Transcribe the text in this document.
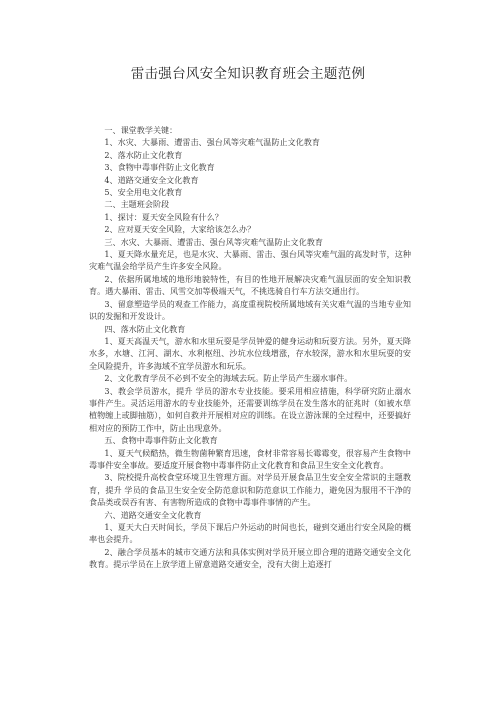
雷击强台风安全知识教育班会主题范例

一、课堂教学关键：

1、水灾、大暴雨、遭雷击、强台风等灾难气温防止文化教育

2、落水防止文化教育

3、食物中毒事件防止文化教育

4、道路交通安全文化教育

5、安全用电文化教育

二、主题班会阶段

1、探讨：夏天安全风险有什么？

2、应对夏天安全风险，大家给该怎么办？

三、水灾、大暴雨、遭雷击、强台风等灾难气温防止文化教育

1、夏天降水量充足，也是水灾、大暴雨、雷击、强台风等灾难气温的高发时节，这种灾难气温会给学员产生许多安全风险。

2、依据所属地域的地形地貌特性，有目的性地开展解决灾难气温层面的安全知识教育。遇大暴雨、雷击、风雪交加等极端天气，不挑选骑自行车方法交通出行。

3、留意塑造学员的观查工作能力，高度重视院校所属地域有关灾难气温的当地专业知识的发掘和开发设计。

四、落水防止文化教育

1、夏天高温天气，游水和水里玩耍是学员钟爱的健身运动和玩耍方法。另外，夏天降水多，水塘、江河、湖水、水利枢纽、沙坑水位线增涨，存水较深，游水和水里玩耍的安全风险提升，许多海域不宜学员游水和玩乐。

2、文化教育学员不必到不安全的海域去玩。防止学员产生溺水事件。

3、教会学员游水，提升 学员的游水专业技能。要采用相应措施，科学研究防止溺水事件产生。灵活运用游水的专业技能外，还需要训练学员在发生落水的征兆时（如被水草植物缠上或脚抽筋），如何自救并开展相对应的训练。在设立游泳课的全过程中，还要搞好相对应的预防工作中，防止出现意外。

五、食物中毒事件防止文化教育

1、夏天气候酷热，微生物菌种繁育迅速，食材非常容易长霉霉变，很容易产生食物中毒事件安全事故。要适度开展食物中毒事件防止文化教育和食品卫生安全文化教育。

3、院校提升高校食堂环境卫生管理方面。对学员开展食品卫生安全安全常识的主题教育，提升 学员的食品卫生安全安全防范意识和防范意识工作能力，避免因为服用不干净的食品类或误吞有害、有害物所造成的食物中毒事件事情的产生。

六、道路交通安全文化教育

1、夏天大白天时间长，学员下课后户外运动的时间也长，碰到交通出行安全风险的概率也会提升。

2、融合学员基本的城市交通方法和具体实例对学员开展立即合理的道路交通安全文化教育。提示学员在上放学道上留意道路交通安全，没有大街上追逐打
